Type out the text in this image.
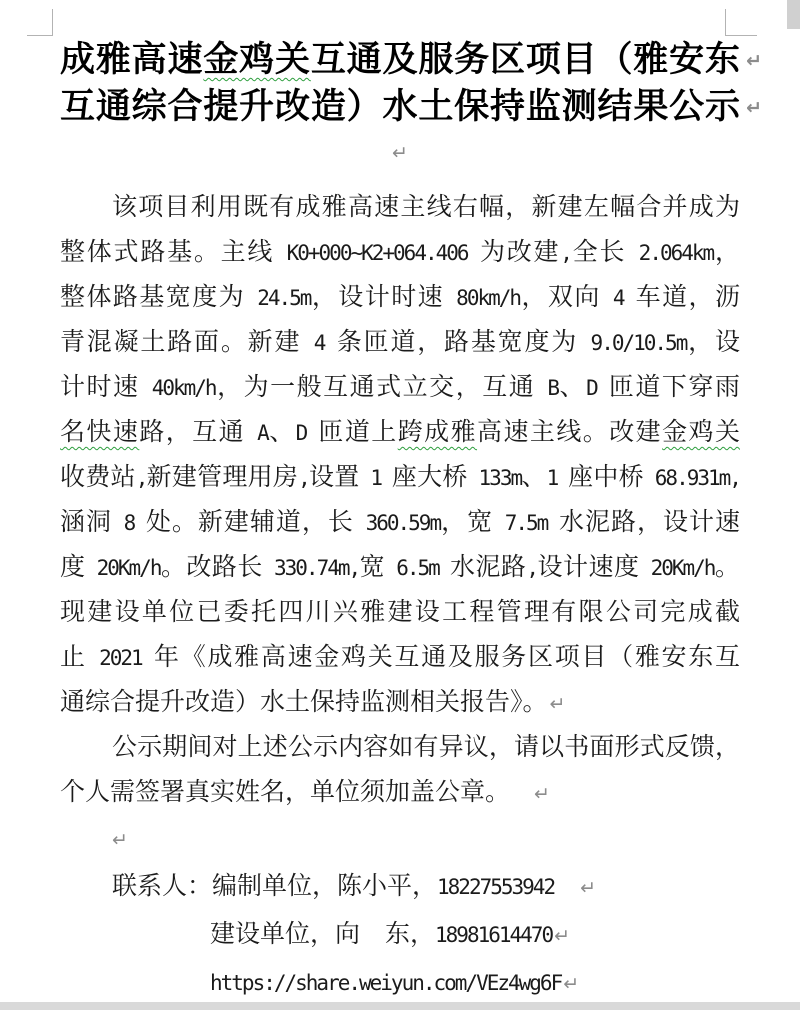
成雅高速金鸡关互通及服务区项目（雅安东 ↵
互通综合提升改造）水土保持监测结果公示 ↵
↵
该项目利用既有成雅高速主线右幅，新建左幅合并成为
整体式路基。主线 K0+000~K2+064.406 为改建,全长 2.064km，
整体路基宽度为 24.5m，设计时速 80km/h，双向 4 车道，沥
青混凝土路面。新建 4 条匝道，路基宽度为 9.0/10.5m，设
计时速 40km/h，为一般互通式立交，互通 B、D 匝道下穿雨
名快速路，互通 A、D 匝道上跨成雅高速主线。改建金鸡关
收费站,新建管理用房,设置 1 座大桥 133m、1 座中桥 68.931m,
涵洞 8 处。新建辅道，长 360.59m，宽 7.5m 水泥路，设计速
度 20Km/h。改路长 330.74m,宽 6.5m 水泥路,设计速度 20Km/h。
现建设单位已委托四川兴雅建设工程管理有限公司完成截
止 2021 年《成雅高速金鸡关互通及服务区项目（雅安东互
通综合提升改造）水土保持监测相关报告》。 ↵
公示期间对上述公示内容如有异议，请以书面形式反馈，
个人需签署真实姓名，单位须加盖公章。 ↵
↵
联系人：编制单位，陈小平，18227553942 ↵
建设单位，向　东，18981614470 ↵
https://share.weiyun.com/VEz4wg6F ↵
